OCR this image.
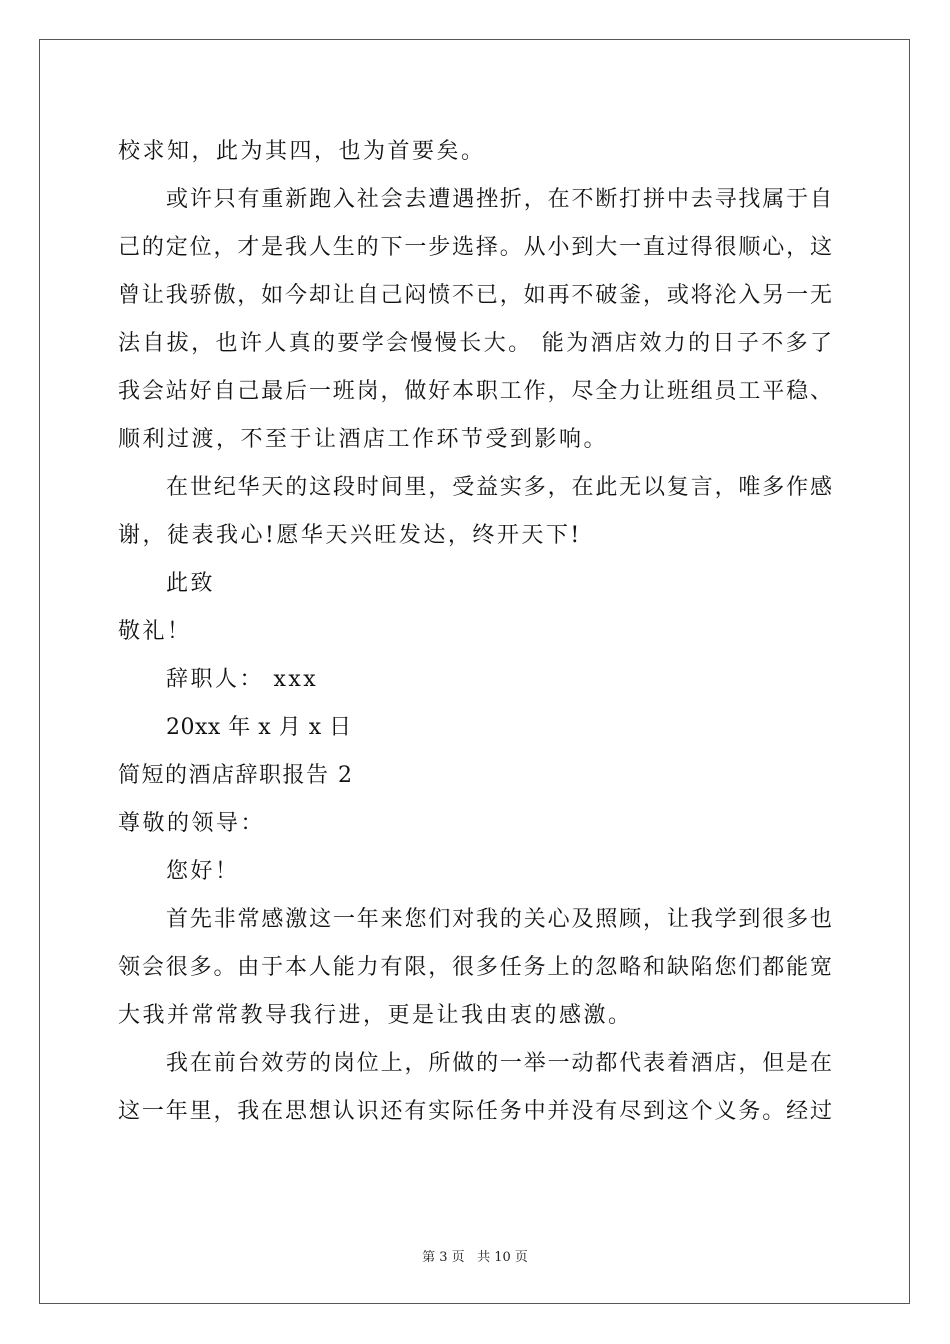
校求知，此为其四，也为首要矣。
或许只有重新跑入社会去遭遇挫折，在不断打拼中去寻找属于自
己的定位，才是我人生的下一步选择。从小到大一直过得很顺心，这
曾让我骄傲，如今却让自己闷愤不已，如再不破釜，或将沦入另一无
法自拔，也许人真的要学会慢慢长大。 能为酒店效力的日子不多了
我会站好自己最后一班岗，做好本职工作，尽全力让班组员工平稳、
顺利过渡，不至于让酒店工作环节受到影响。
在世纪华天的这段时间里，受益实多，在此无以复言，唯多作感
谢，徒表我心!愿华天兴旺发达，终开天下!
此致
敬礼！
辞职人： xxx
20xx 年 x 月 x 日
简短的酒店辞职报告 2
尊敬的领导：
您好！
首先非常感激这一年来您们对我的关心及照顾，让我学到很多也
领会很多。由于本人能力有限，很多任务上的忽略和缺陷您们都能宽
大我并常常教导我行进，更是让我由衷的感激。
我在前台效劳的岗位上，所做的一举一动都代表着酒店，但是在
这一年里，我在思想认识还有实际任务中并没有尽到这个义务。经过
第 3 页 共 10 页
